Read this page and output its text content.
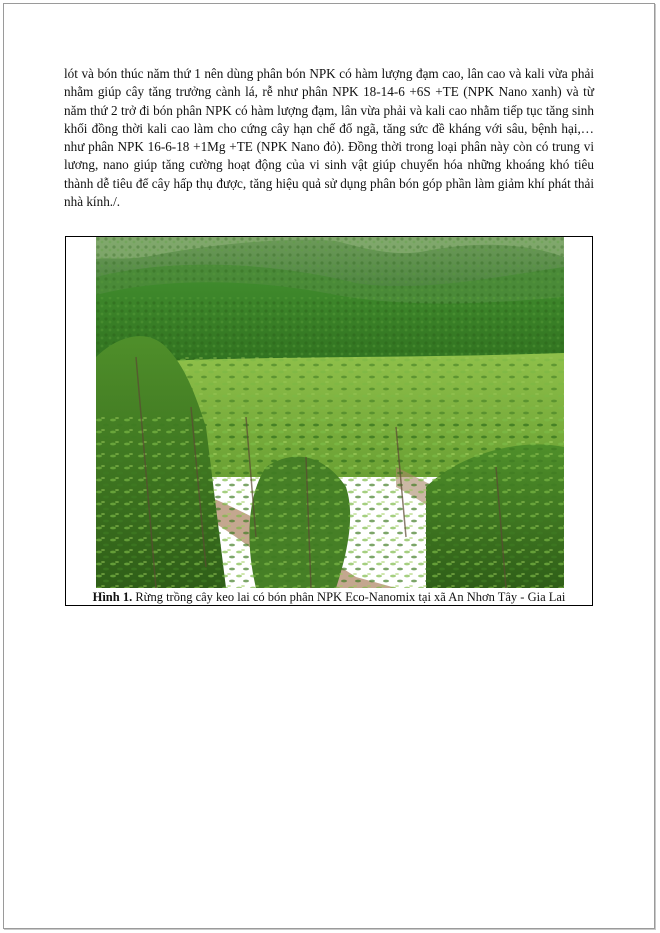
lót và bón thúc năm thứ 1 nên dùng phân bón NPK có hàm lượng đạm cao, lân cao và kali vừa phải nhằm giúp cây tăng trưởng cành lá, rễ như phân NPK 18-14-6 +6S +TE (NPK Nano xanh) và từ năm thứ 2 trở đi bón phân NPK có hàm lượng đạm, lân vừa phải và kali cao nhằm tiếp tục tăng sinh khối đồng thời kali cao làm cho cứng cây hạn chế đổ ngã, tăng sức đề kháng với sâu, bệnh hại,… như phân NPK 16-6-18 +1Mg +TE (NPK Nano đỏ). Đồng thời trong loại phân này còn có trung vi lương, nano giúp tăng cường hoạt động của vi sinh vật giúp chuyển hóa những khoáng khó tiêu thành dễ tiêu để cây hấp thụ được, tăng hiệu quả sử dụng phân bón góp phần làm giảm khí phát thải nhà kính./.

Hình 1. Rừng trồng cây keo lai có bón phân NPK Eco-Nanomix tại xã An Nhơn Tây - Gia Lai
